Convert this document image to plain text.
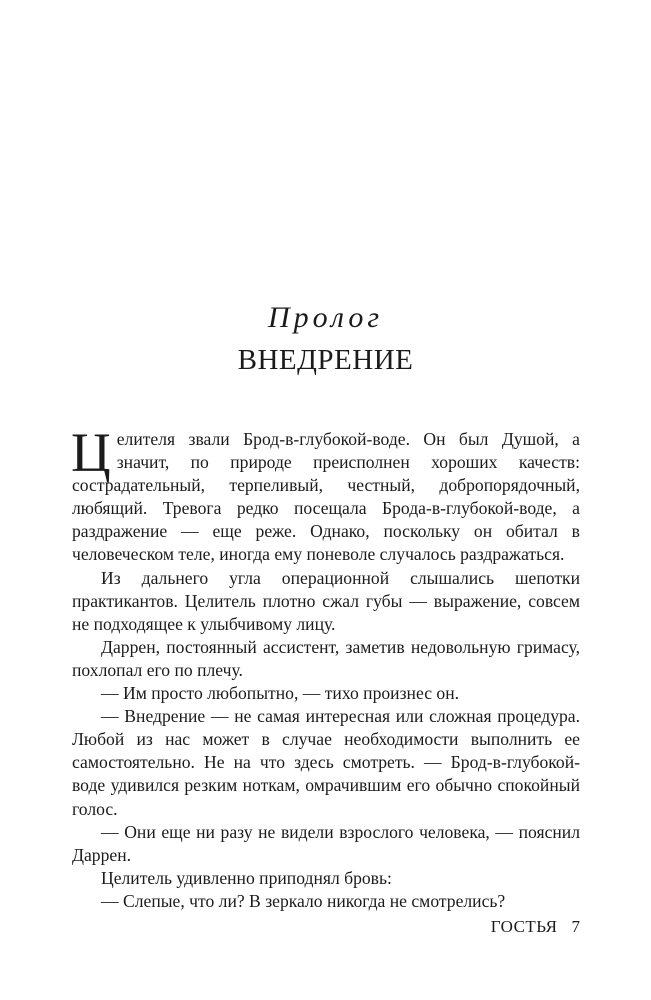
Пролог
ВНЕДРЕНИЕ

Целителя звали Брод-в-глубокой-воде. Он был Душой, а значит, по природе преисполнен хороших качеств: сострадательный, терпеливый, честный, добропорядочный, любящий. Тревога редко посещала Брода-в-глубокой-воде, а раздражение — еще реже. Однако, поскольку он обитал в человеческом теле, иногда ему поневоле случалось раздражаться.

Из дальнего угла операционной слышались шепотки практикантов. Целитель плотно сжал губы — выражение, совсем не подходящее к улыбчивому лицу.

Даррен, постоянный ассистент, заметив недовольную гримасу, похлопал его по плечу.

— Им просто любопытно, — тихо произнес он.

— Внедрение — не самая интересная или сложная процедура. Любой из нас может в случае необходимости выполнить ее самостоятельно. Не на что здесь смотреть. — Брод-в-глубокой-воде удивился резким ноткам, омрачившим его обычно спокойный голос.

— Они еще ни разу не видели взрослого человека, — пояснил Даррен.

Целитель удивленно приподнял бровь:

— Слепые, что ли? В зеркало никогда не смотрелись?

ГОСТЬЯ 7
